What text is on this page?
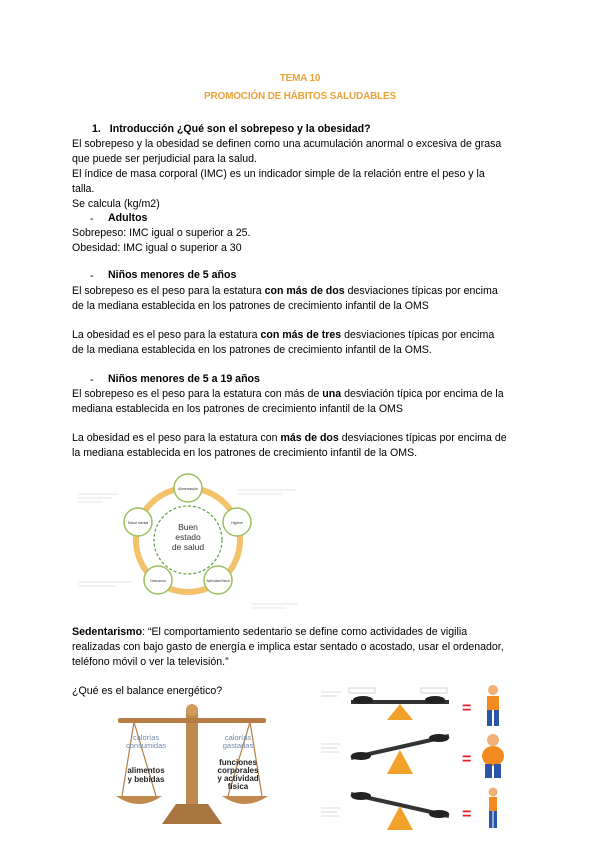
TEMA 10
PROMOCIÓN DE HÁBITOS SALUDABLES
1. Introducción ¿Qué son el sobrepeso y la obesidad?
El sobrepeso y la obesidad se definen como una acumulación anormal o excesiva de grasa
que puede ser perjudicial para la salud.
El índice de masa corporal (IMC) es un indicador simple de la relación entre el peso y la
talla.
Se calcula (kg/m2)
- Adultos
Sobrepeso: IMC igual o superior a 25.
Obesidad: IMC igual o superior a 30
- Niños menores de 5 años
El sobrepeso es el peso para la estatura con más de dos desviaciones típicas por encima
de la mediana establecida en los patrones de crecimiento infantil de la OMS
La obesidad es el peso para la estatura con más de tres desviaciones típicas por encima
de la mediana establecida en los patrones de crecimiento infantil de la OMS.
- Niños menores de 5 a 19 años
El sobrepeso es el peso para la estatura con más de una desviación típica por encima de la
mediana establecida en los patrones de crecimiento infantil de la OMS
La obesidad es el peso para la estatura con más de dos desviaciones típicas por encima de
la mediana establecida en los patrones de crecimiento infantil de la OMS.
Buen
estado
de salud
Alimentación
Higiene
Actividad física
Descanso
Salud mental
Sedentarismo: “El comportamiento sedentario se define como actividades de vigilia
realizadas con bajo gasto de energía e implica estar sentado o acostado, usar el ordenador,
teléfono móvil o ver la televisión.”
¿Qué es el balance energético?
calorías
consumidas
calorías
gastadas
alimentos
y bebidas
funciones
corporales
y actividad
física
=
=
=
